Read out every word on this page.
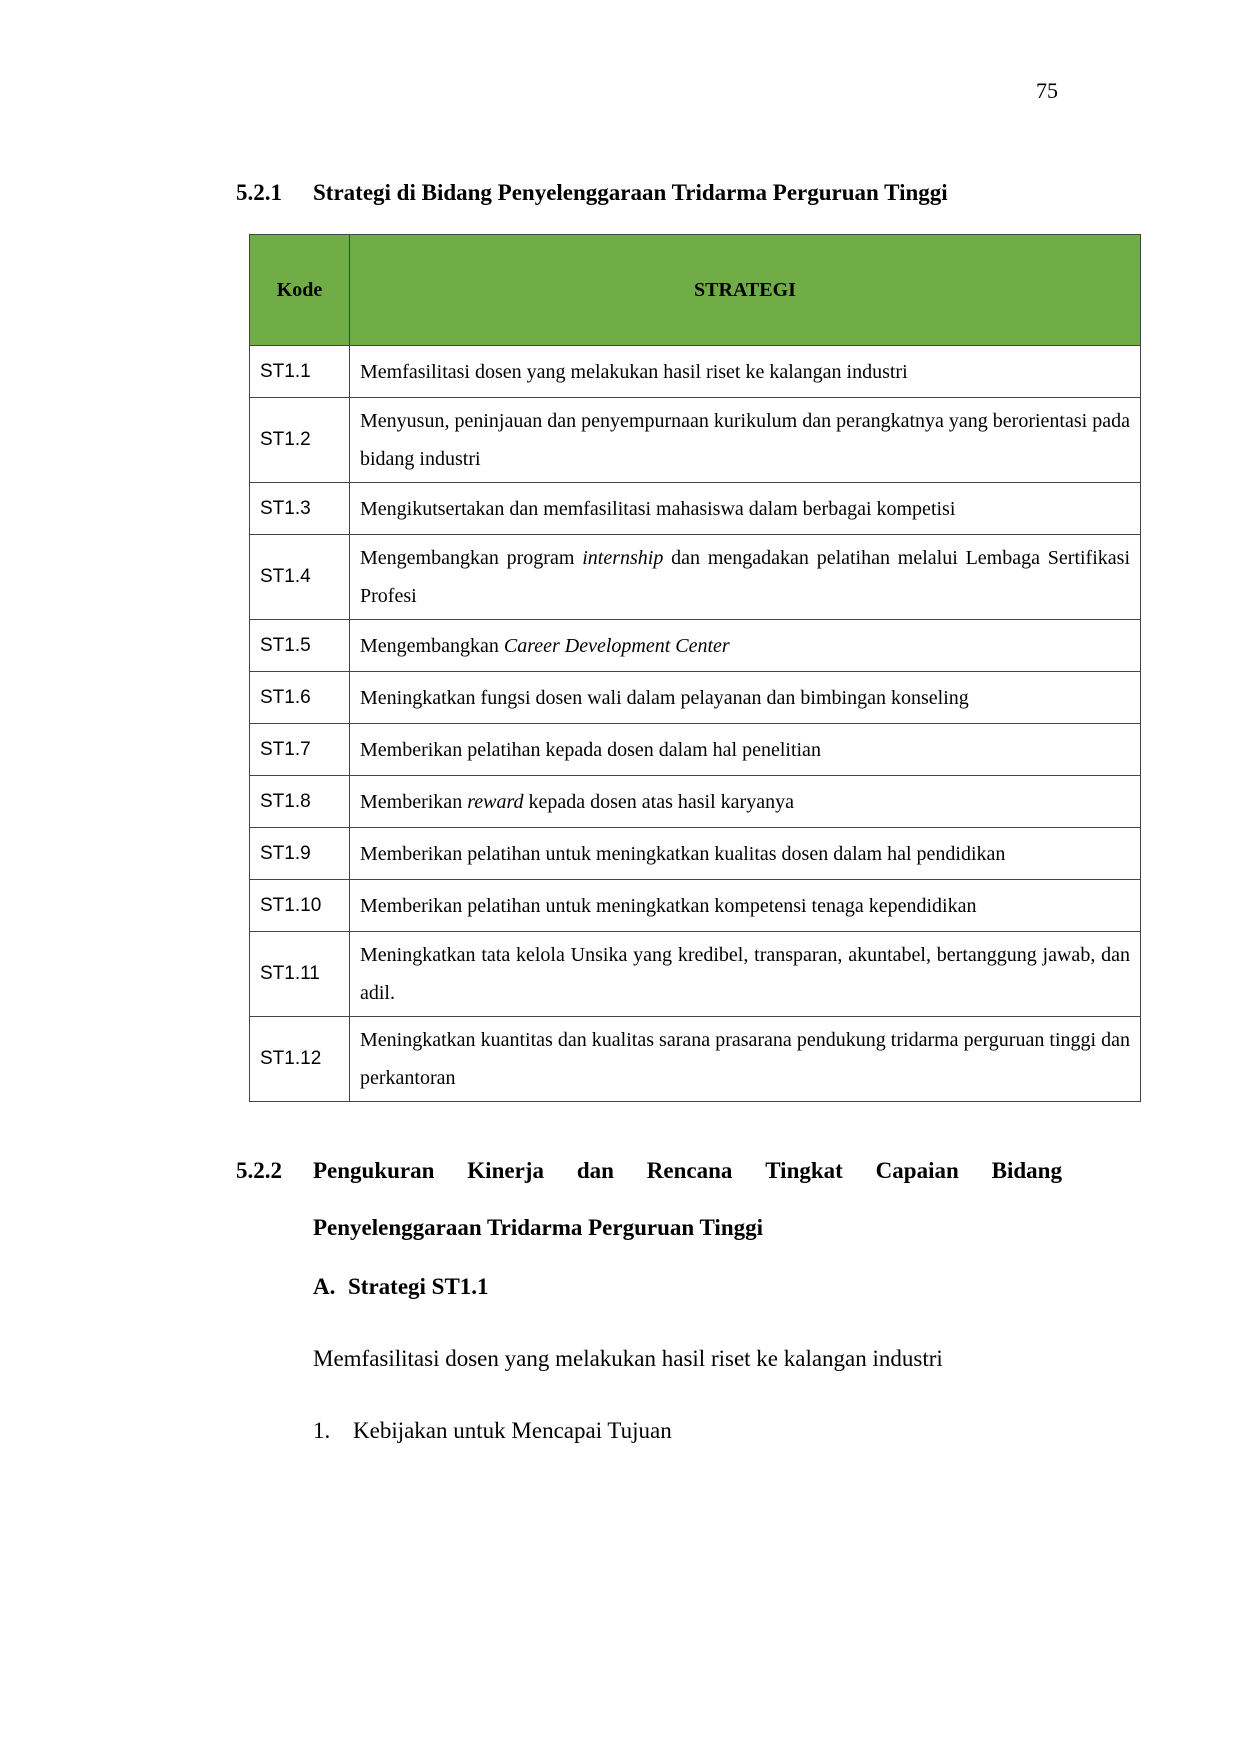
75
5.2.1 Strategi di Bidang Penyelenggaraan Tridarma Perguruan Tinggi
Kode	STRATEGI
ST1.1	Memfasilitasi dosen yang melakukan hasil riset ke kalangan industri
ST1.2	Menyusun, peninjauan dan penyempurnaan kurikulum dan perangkatnya yang berorientasi pada bidang industri
ST1.3	Mengikutsertakan dan memfasilitasi mahasiswa dalam berbagai kompetisi
ST1.4	Mengembangkan program internship dan mengadakan pelatihan melalui Lembaga Sertifikasi Profesi
ST1.5	Mengembangkan Career Development Center
ST1.6	Meningkatkan fungsi dosen wali dalam pelayanan dan bimbingan konseling
ST1.7	Memberikan pelatihan kepada dosen dalam hal penelitian
ST1.8	Memberikan reward kepada dosen atas hasil karyanya
ST1.9	Memberikan pelatihan untuk meningkatkan kualitas dosen dalam hal pendidikan
ST1.10	Memberikan pelatihan untuk meningkatkan kompetensi tenaga kependidikan
ST1.11	Meningkatkan tata kelola Unsika yang kredibel, transparan, akuntabel, bertanggung jawab, dan adil.
ST1.12	Meningkatkan kuantitas dan kualitas sarana prasarana pendukung tridarma perguruan tinggi dan perkantoran
5.2.2 Pengukuran Kinerja dan Rencana Tingkat Capaian Bidang
Penyelenggaraan Tridarma Perguruan Tinggi
A. Strategi ST1.1
Memfasilitasi dosen yang melakukan hasil riset ke kalangan industri
1. Kebijakan untuk Mencapai Tujuan
